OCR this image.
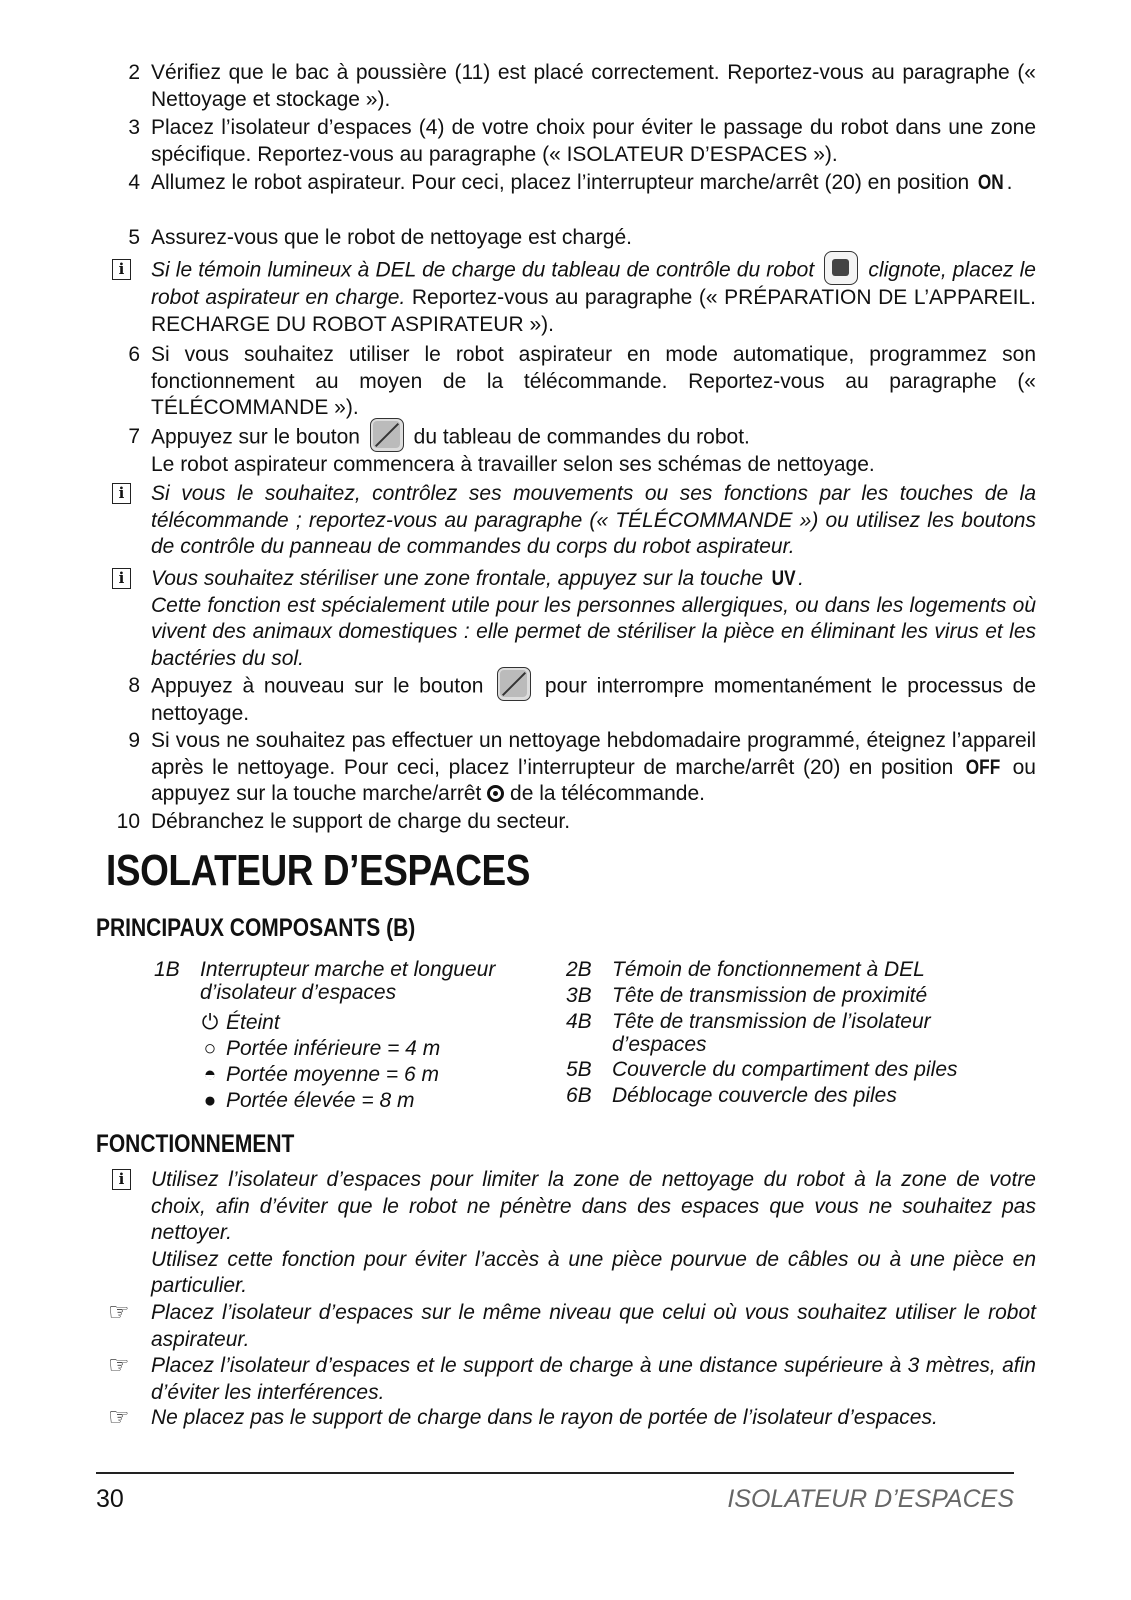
2 Vérifiez que le bac à poussière (11) est placé correctement. Reportez-vous au paragraphe (« Nettoyage et stockage »).
3 Placez l’isolateur d’espaces (4) de votre choix pour éviter le passage du robot dans une zone spécifique. Reportez-vous au paragraphe (« ISOLATEUR D’ESPACES »).
4 Allumez le robot aspirateur. Pour ceci, placez l’interrupteur marche/arrêt (20) en position ON .
5 Assurez-vous que le robot de nettoyage est chargé.
i	Si le témoin lumineux à DEL de charge du tableau de contrôle du robot  clignote, placez le robot aspirateur en charge. Reportez-vous au paragraphe (« PRÉPARATION DE L’APPAREIL. RECHARGE DU ROBOT ASPIRATEUR »).
6 Si vous souhaitez utiliser le robot aspirateur en mode automatique, programmez son fonctionnement au moyen de la télécommande. Reportez-vous au paragraphe (« TÉLÉCOMMANDE »).
7 Appuyez sur le bouton  du tableau de commandes du robot.
Le robot aspirateur commencera à travailler selon ses schémas de nettoyage.
i	Si vous le souhaitez, contrôlez ses mouvements ou ses fonctions par les touches de la télécommande ; reportez-vous au paragraphe (« TÉLÉCOMMANDE ») ou utilisez les boutons de contrôle du panneau de commandes du corps du robot aspirateur.
i	Vous souhaitez stériliser une zone frontale, appuyez sur la touche UV .
Cette fonction est spécialement utile pour les personnes allergiques, ou dans les logements où vivent des animaux domestiques : elle permet de stériliser la pièce en éliminant les virus et les bactéries du sol.
8 Appuyez à nouveau sur le bouton  pour interrompre momentanément le processus de nettoyage.
9 Si vous ne souhaitez pas effectuer un nettoyage hebdomadaire programmé, éteignez l’appareil après le nettoyage. Pour ceci, placez l’interrupteur de marche/arrêt (20) en position OFF ou appuyez sur la touche marche/arrêt
de la télécommande.
10 Débranchez le support de charge du secteur.
ISOLATEUR D’ESPACES
PRINCIPAUX COMPOSANTS (B)
1B Interrupteur marche et longueur d’isolateur d’espaces
⏻ Éteint
○ Portée inférieure = 4 m
◓ Portée moyenne = 6 m
● Portée élevée = 8 m
2B Témoin de fonctionnement à DEL
3B Tête de transmission de proximité
4B Tête de transmission de l’isolateur d’espaces
5B Couvercle du compartiment des piles
6B Déblocage couvercle des piles
FONCTIONNEMENT
i	Utilisez l’isolateur d’espaces pour limiter la zone de nettoyage du robot à la zone de votre choix, afin d’éviter que le robot ne pénètre dans des espaces que vous ne souhaitez pas nettoyer.
Utilisez cette fonction pour éviter l’accès à une pièce pourvue de câbles ou à une pièce en particulier.
☞ Placez l’isolateur d’espaces sur le même niveau que celui où vous souhaitez utiliser le robot aspirateur.
☞ Placez l’isolateur d’espaces et le support de charge à une distance supérieure à 3 mètres, afin d’éviter les interférences.
☞ Ne placez pas le support de charge dans le rayon de portée de l’isolateur d’espaces.
30	ISOLATEUR D’ESPACES
